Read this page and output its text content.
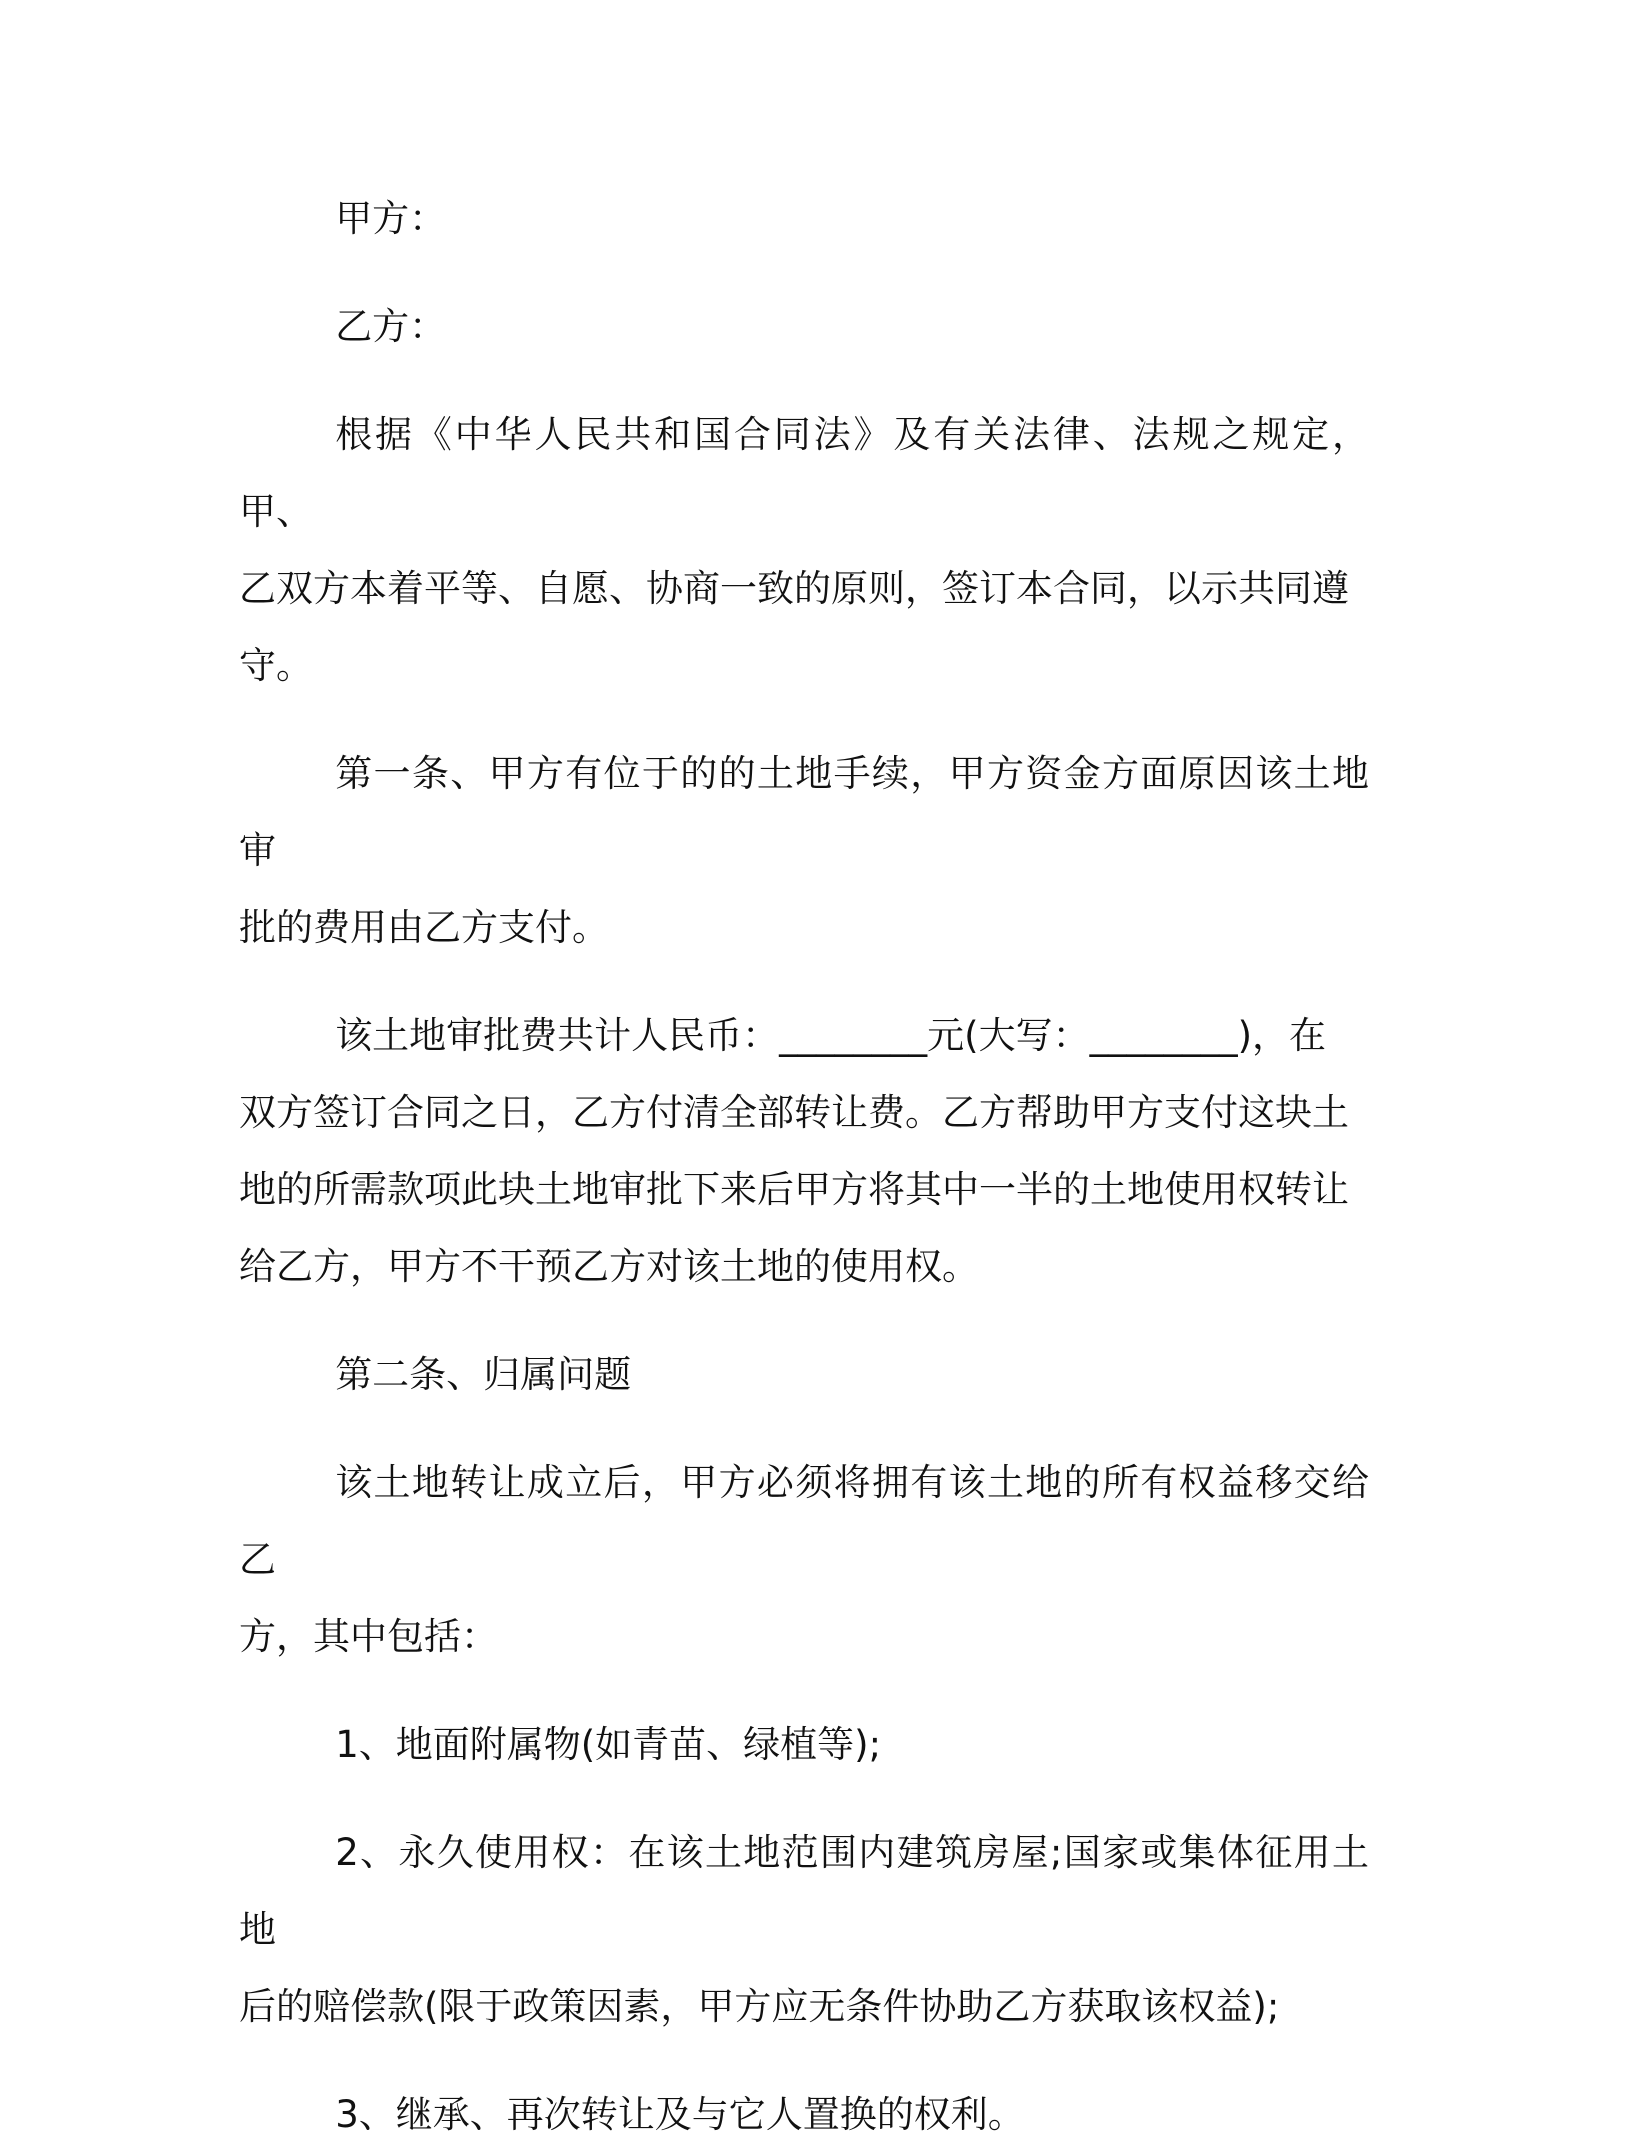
甲方：

乙方：

根据《中华人民共和国合同法》及有关法律、法规之规定，甲、
乙双方本着平等、自愿、协商一致的原则，签订本合同，以示共同遵
守。

第一条、甲方有位于的的土地手续，甲方资金方面原因该土地审
批的费用由乙方支付。

该土地审批费共计人民币：________元(大写：________)，在
双方签订合同之日，乙方付清全部转让费。乙方帮助甲方支付这块土
地的所需款项此块土地审批下来后甲方将其中一半的土地使用权转让
给乙方，甲方不干预乙方对该土地的使用权。

第二条、归属问题

该土地转让成立后，甲方必须将拥有该土地的所有权益移交给乙
方，其中包括：

1、地面附属物(如青苗、绿植等);

2、永久使用权：在该土地范围内建筑房屋;国家或集体征用土地
后的赔偿款(限于政策因素，甲方应无条件协助乙方获取该权益);

3、继承、再次转让及与它人置换的权利。
